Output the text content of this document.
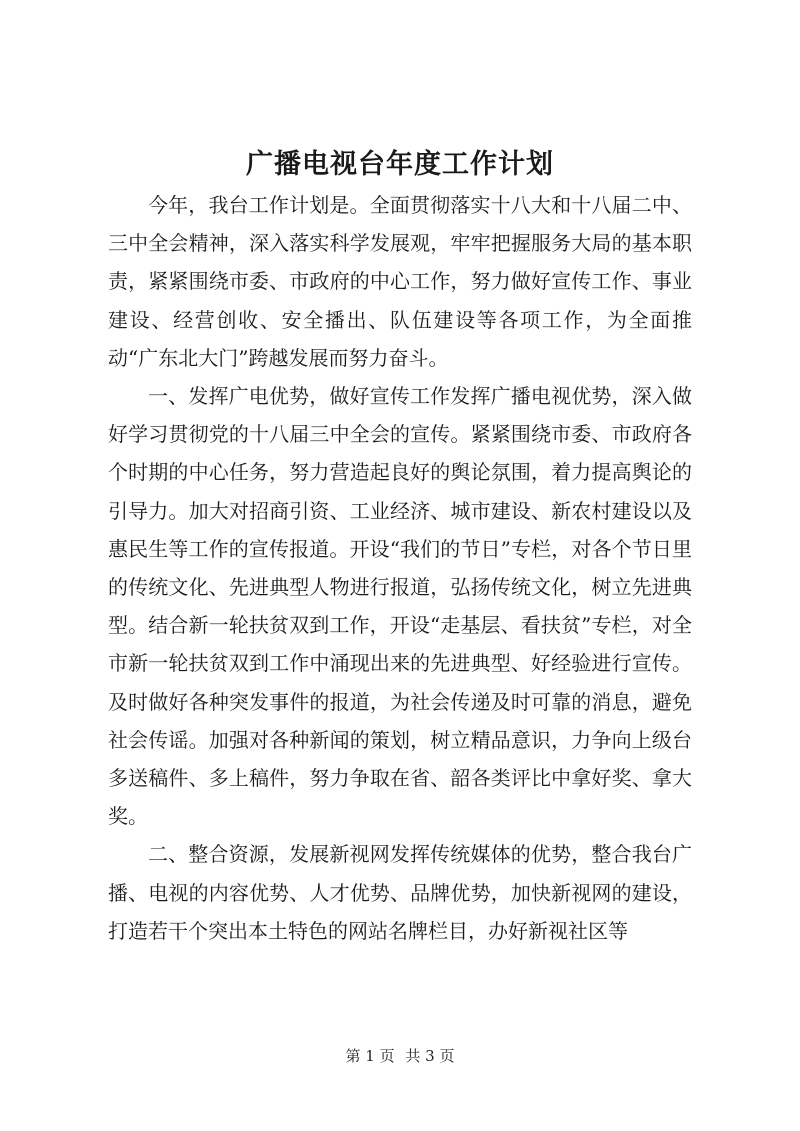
广播电视台年度工作计划

今年，我台工作计划是。全面贯彻落实十八大和十八届二中、三中全会精神，深入落实科学发展观，牢牢把握服务大局的基本职责，紧紧围绕市委、市政府的中心工作，努力做好宣传工作、事业建设、经营创收、安全播出、队伍建设等各项工作，为全面推动“广东北大门”跨越发展而努力奋斗。

一、发挥广电优势，做好宣传工作发挥广播电视优势，深入做好学习贯彻党的十八届三中全会的宣传。紧紧围绕市委、市政府各个时期的中心任务，努力营造起良好的舆论氛围，着力提高舆论的引导力。加大对招商引资、工业经济、城市建设、新农村建设以及惠民生等工作的宣传报道。开设“我们的节日”专栏，对各个节日里的传统文化、先进典型人物进行报道，弘扬传统文化，树立先进典型。结合新一轮扶贫双到工作，开设“走基层、看扶贫”专栏，对全市新一轮扶贫双到工作中涌现出来的先进典型、好经验进行宣传。及时做好各种突发事件的报道，为社会传递及时可靠的消息，避免社会传谣。加强对各种新闻的策划，树立精品意识，力争向上级台多送稿件、多上稿件，努力争取在省、韶各类评比中拿好奖、拿大奖。

二、整合资源，发展新视网发挥传统媒体的优势，整合我台广播、电视的内容优势、人才优势、品牌优势，加快新视网的建设，打造若干个突出本土特色的网站名牌栏目，办好新视社区等

第 1 页 共 3 页
